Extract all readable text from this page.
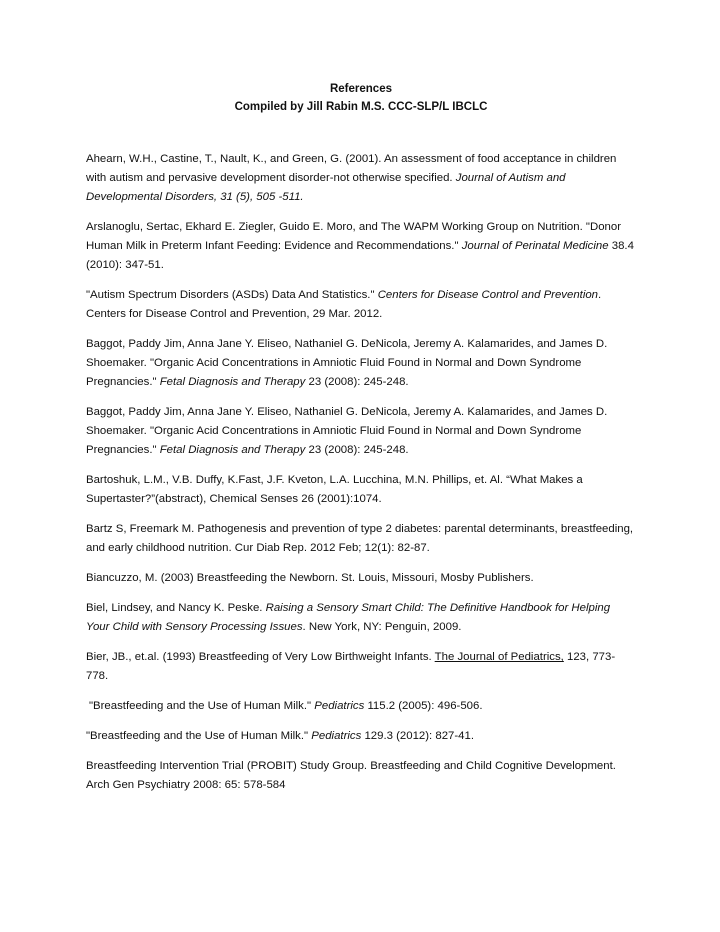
References
Compiled by Jill Rabin M.S. CCC-SLP/L IBCLC

Ahearn, W.H., Castine, T., Nault, K., and Green, G. (2001). An assessment of food acceptance in children with autism and pervasive development disorder-not otherwise specified. Journal of Autism and Developmental Disorders, 31 (5), 505 -511.

Arslanoglu, Sertac, Ekhard E. Ziegler, Guido E. Moro, and The WAPM Working Group on Nutrition. "Donor Human Milk in Preterm Infant Feeding: Evidence and Recommendations." Journal of Perinatal Medicine 38.4 (2010): 347-51.

"Autism Spectrum Disorders (ASDs) Data And Statistics." Centers for Disease Control and Prevention. Centers for Disease Control and Prevention, 29 Mar. 2012.

Baggot, Paddy Jim, Anna Jane Y. Eliseo, Nathaniel G. DeNicola, Jeremy A. Kalamarides, and James D. Shoemaker. "Organic Acid Concentrations in Amniotic Fluid Found in Normal and Down Syndrome Pregnancies." Fetal Diagnosis and Therapy 23 (2008): 245-248.

Baggot, Paddy Jim, Anna Jane Y. Eliseo, Nathaniel G. DeNicola, Jeremy A. Kalamarides, and James D. Shoemaker. "Organic Acid Concentrations in Amniotic Fluid Found in Normal and Down Syndrome Pregnancies." Fetal Diagnosis and Therapy 23 (2008): 245-248.

Bartoshuk, L.M., V.B. Duffy, K.Fast, J.F. Kveton, L.A. Lucchina, M.N. Phillips, et. Al. “What Makes a Supertaster?”(abstract), Chemical Senses 26 (2001):1074.

Bartz S, Freemark M. Pathogenesis and prevention of type 2 diabetes: parental determinants, breastfeeding, and early childhood nutrition. Cur Diab Rep. 2012 Feb; 12(1): 82-87.

Biancuzzo, M. (2003) Breastfeeding the Newborn. St. Louis, Missouri, Mosby Publishers.

Biel, Lindsey, and Nancy K. Peske. Raising a Sensory Smart Child: The Definitive Handbook for Helping Your Child with Sensory Processing Issues. New York, NY: Penguin, 2009.

Bier, JB., et.al. (1993) Breastfeeding of Very Low Birthweight Infants. The Journal of Pediatrics, 123, 773-778.

"Breastfeeding and the Use of Human Milk." Pediatrics 115.2 (2005): 496-506.

"Breastfeeding and the Use of Human Milk." Pediatrics 129.3 (2012): 827-41.

Breastfeeding Intervention Trial (PROBIT) Study Group. Breastfeeding and Child Cognitive Development. Arch Gen Psychiatry 2008: 65: 578-584
